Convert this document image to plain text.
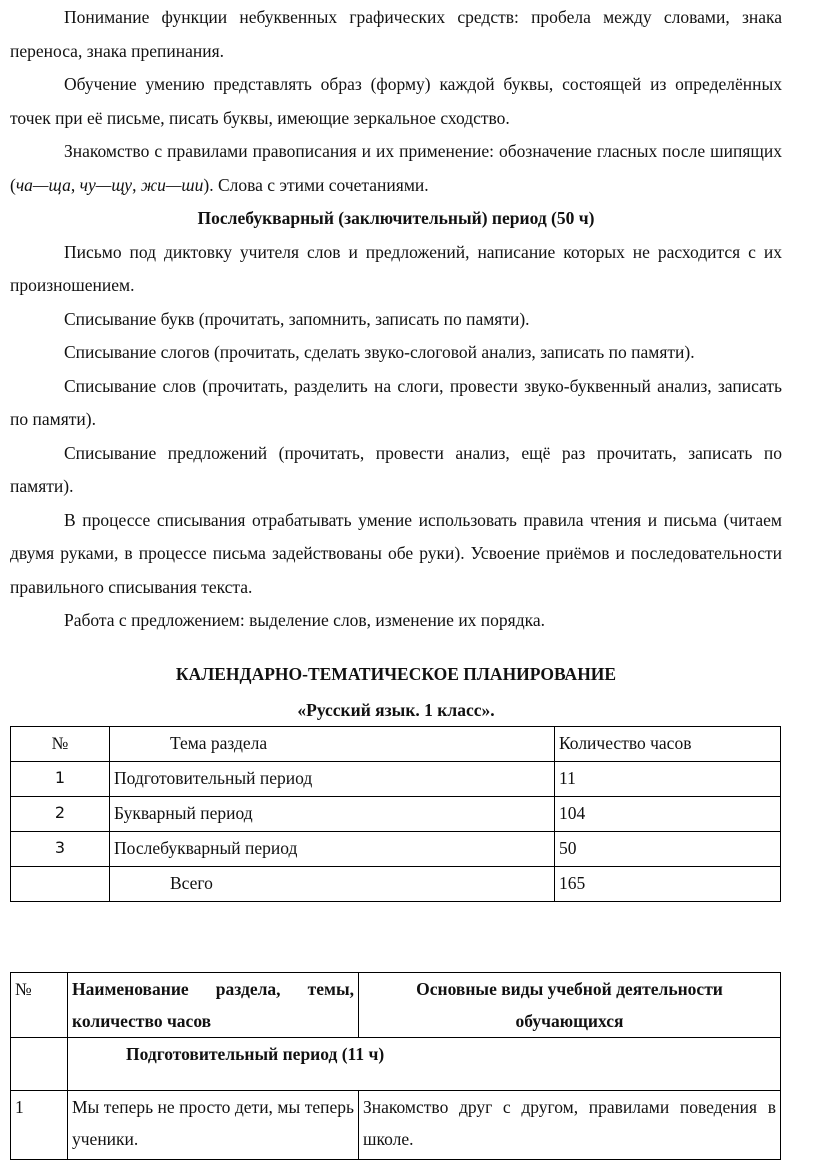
Понимание функции небуквенных графических средств: пробела между словами, знака переноса, знака препинания.

Обучение умению представлять образ (форму) каждой буквы, состоящей из определённых точек при её письме, писать буквы, имеющие зеркальное сходство.

Знакомство с правилами правописания и их применение: обозначение гласных после шипящих (ча—ща, чу—щу, жи—ши). Слова с этими сочетаниями.

Послебукварный (заключительный) период (50 ч)

Письмо под диктовку учителя слов и предложений, написание которых не расходится с их произношением.

Списывание букв (прочитать, запомнить, записать по памяти).

Списывание слогов (прочитать, сделать звуко-слоговой анализ, записать по памяти).

Списывание слов (прочитать, разделить на слоги, провести звуко-буквенный анализ, записать по памяти).

Списывание предложений (прочитать, провести анализ, ещё раз прочитать, записать по памяти).

В процессе списывания отрабатывать умение использовать правила чтения и письма (читаем двумя руками, в процессе письма задействованы обе руки). Усвоение приёмов и последовательности правильного списывания текста.

Работа с предложением: выделение слов, изменение их порядка.

КАЛЕНДАРНО-ТЕМАТИЧЕСКОЕ ПЛАНИРОВАНИЕ
«Русский язык. 1 класс».
№	Тема раздела	Количество часов
1	Подготовительный период	11
2	Букварный период	104
3	Послебукварный период	50
	Всего	165
№	Наименование раздела, темы, количество часов	Основные виды учебной деятельности обучающихся
	Подготовительный период (11 ч)	
1	Мы теперь не просто дети, мы теперь ученики.	Знакомство друг с другом, правилами поведения в школе.
